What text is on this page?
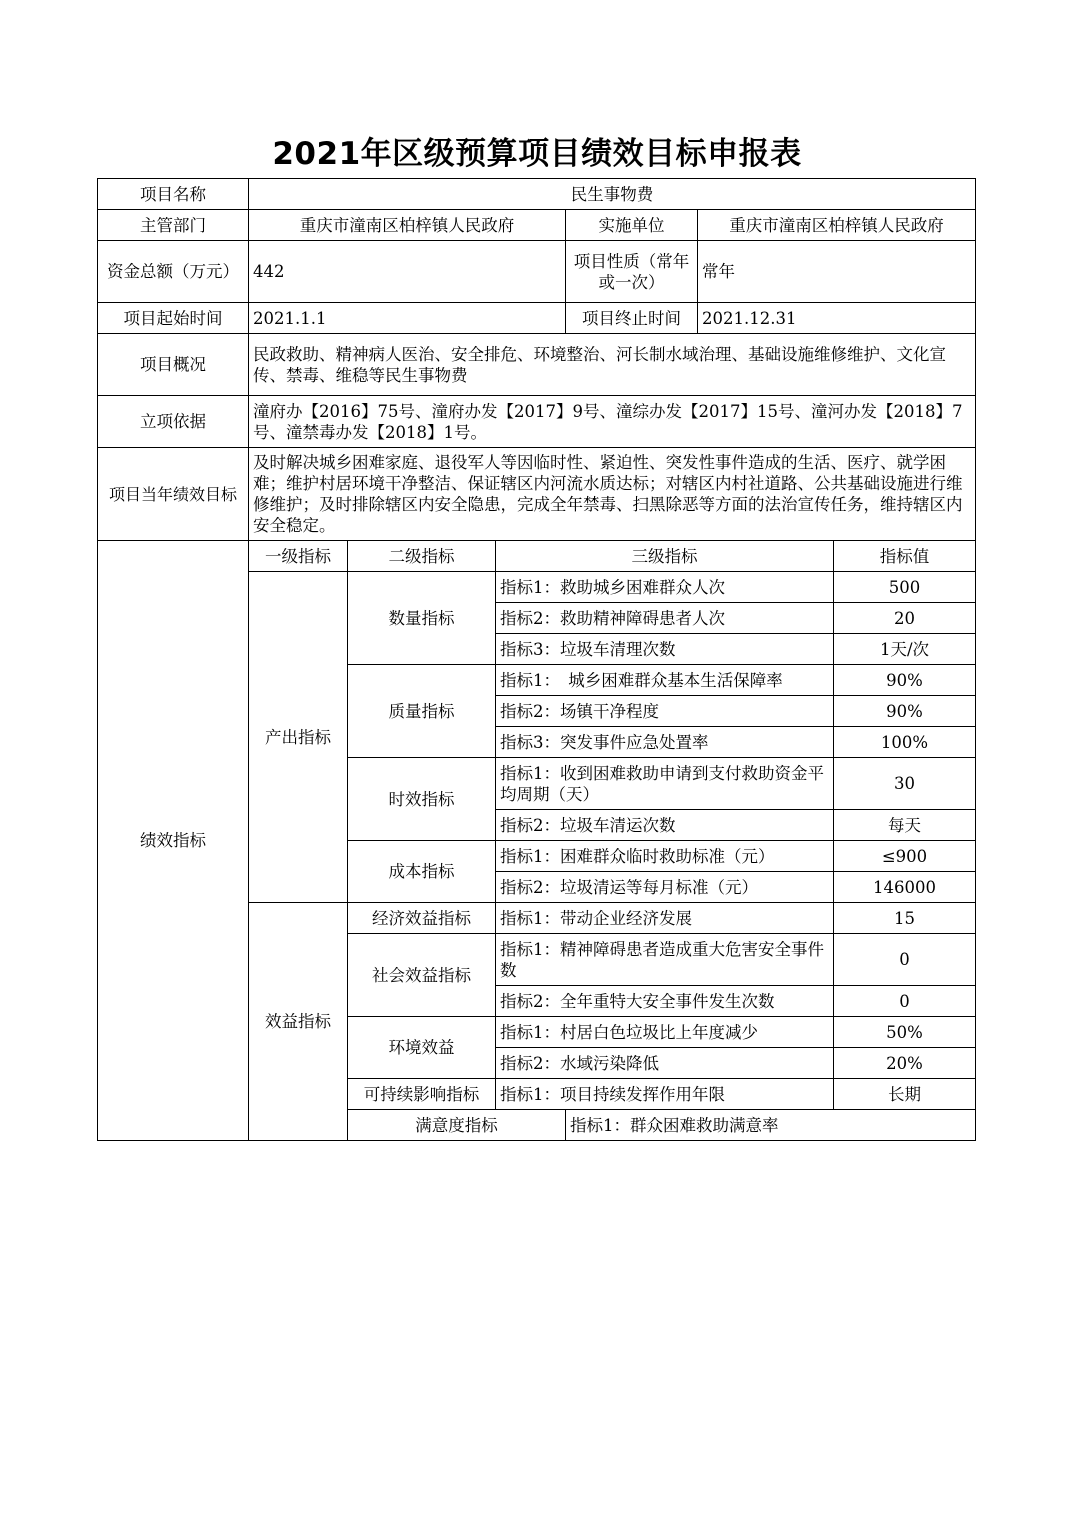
2021年区级预算项目绩效目标申报表
项目名称	民生事物费						
主管部门	重庆市潼南区柏梓镇人民政府			实施单位	重庆市潼南区柏梓镇人民政府		
资金总额（万元）	442			项目性质（常年或一次）	常年		
项目起始时间	2021.1.1			项目终止时间	2021.12.31		
项目概况	民政救助、精神病人医治、安全排危、环境整治、河长制水域治理、基础设施维修维护、文化宣传、禁毒、维稳等民生事物费						
立项依据	潼府办【2016】75号、潼府办发【2017】9号、潼综办发【2017】15号、潼河办发【2018】7号、潼禁毒办发【2018】1号。						
项目当年绩效目标	及时解决城乡困难家庭、退役军人等因临时性、紧迫性、突发性事件造成的生活、医疗、就学困难；维护村居环境干净整洁、保证辖区内河流水质达标；对辖区内村社道路、公共基础设施进行维修维护；及时排除辖区内安全隐患，完成全年禁毒、扫黑除恶等方面的法治宣传任务，维持辖区内安全稳定。						
绩效指标	一级指标	二级指标	三级指标			指标值	
	产出指标	数量指标	指标1：救助城乡困难群众人次			500	
			指标2：救助精神障碍患者人次			20	
			指标3：垃圾车清理次数			1天/次	
		质量指标	指标1：　城乡困难群众基本生活保障率			90%	
			指标2：场镇干净程度			90%	
			指标3：突发事件应急处置率			100%	
		时效指标	指标1：收到困难救助申请到支付救助资金平均周期（天）			30	
			指标2：垃圾车清运次数			每天	
		成本指标	指标1：困难群众临时救助标准（元）			≤900	
			指标2：垃圾清运等每月标准（元）			146000	
	效益指标	经济效益指标	指标1：带动企业经济发展			15	
		社会效益指标	指标1：精神障碍患者造成重大危害安全事件数			0	
			指标2：全年重特大安全事件发生次数			0	
		环境效益	指标1：村居白色垃圾比上年度减少			50%	
			指标2：水域污染降低			20%	
		可持续影响指标	指标1：项目持续发挥作用年限			长期	
		满意度指标		指标1：群众困难救助满意率	
